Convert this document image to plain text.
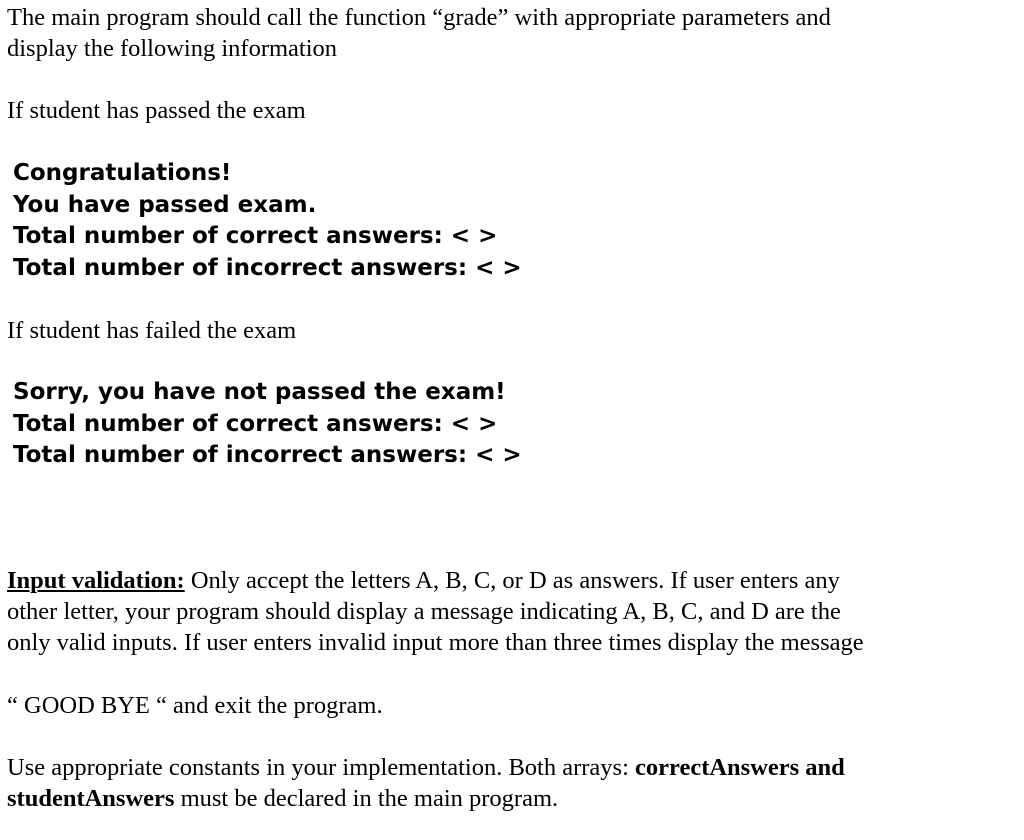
The main program should call the function “grade” with appropriate parameters and
display the following information
If student has passed the exam
Congratulations!
You have passed exam.
Total number of correct answers: < >
Total number of incorrect answers: < >
If student has failed the exam
Sorry, you have not passed the exam!
Total number of correct answers: < >
Total number of incorrect answers: < >
Input validation: Only accept the letters A, B, C, or D as answers. If user enters any
other letter, your program should display a message indicating A, B, C, and D are the
only valid inputs. If user enters invalid input more than three times display the message
“ GOOD BYE “ and exit the program.
Use appropriate constants in your implementation. Both arrays: correctAnswers and
studentAnswers must be declared in the main program.
